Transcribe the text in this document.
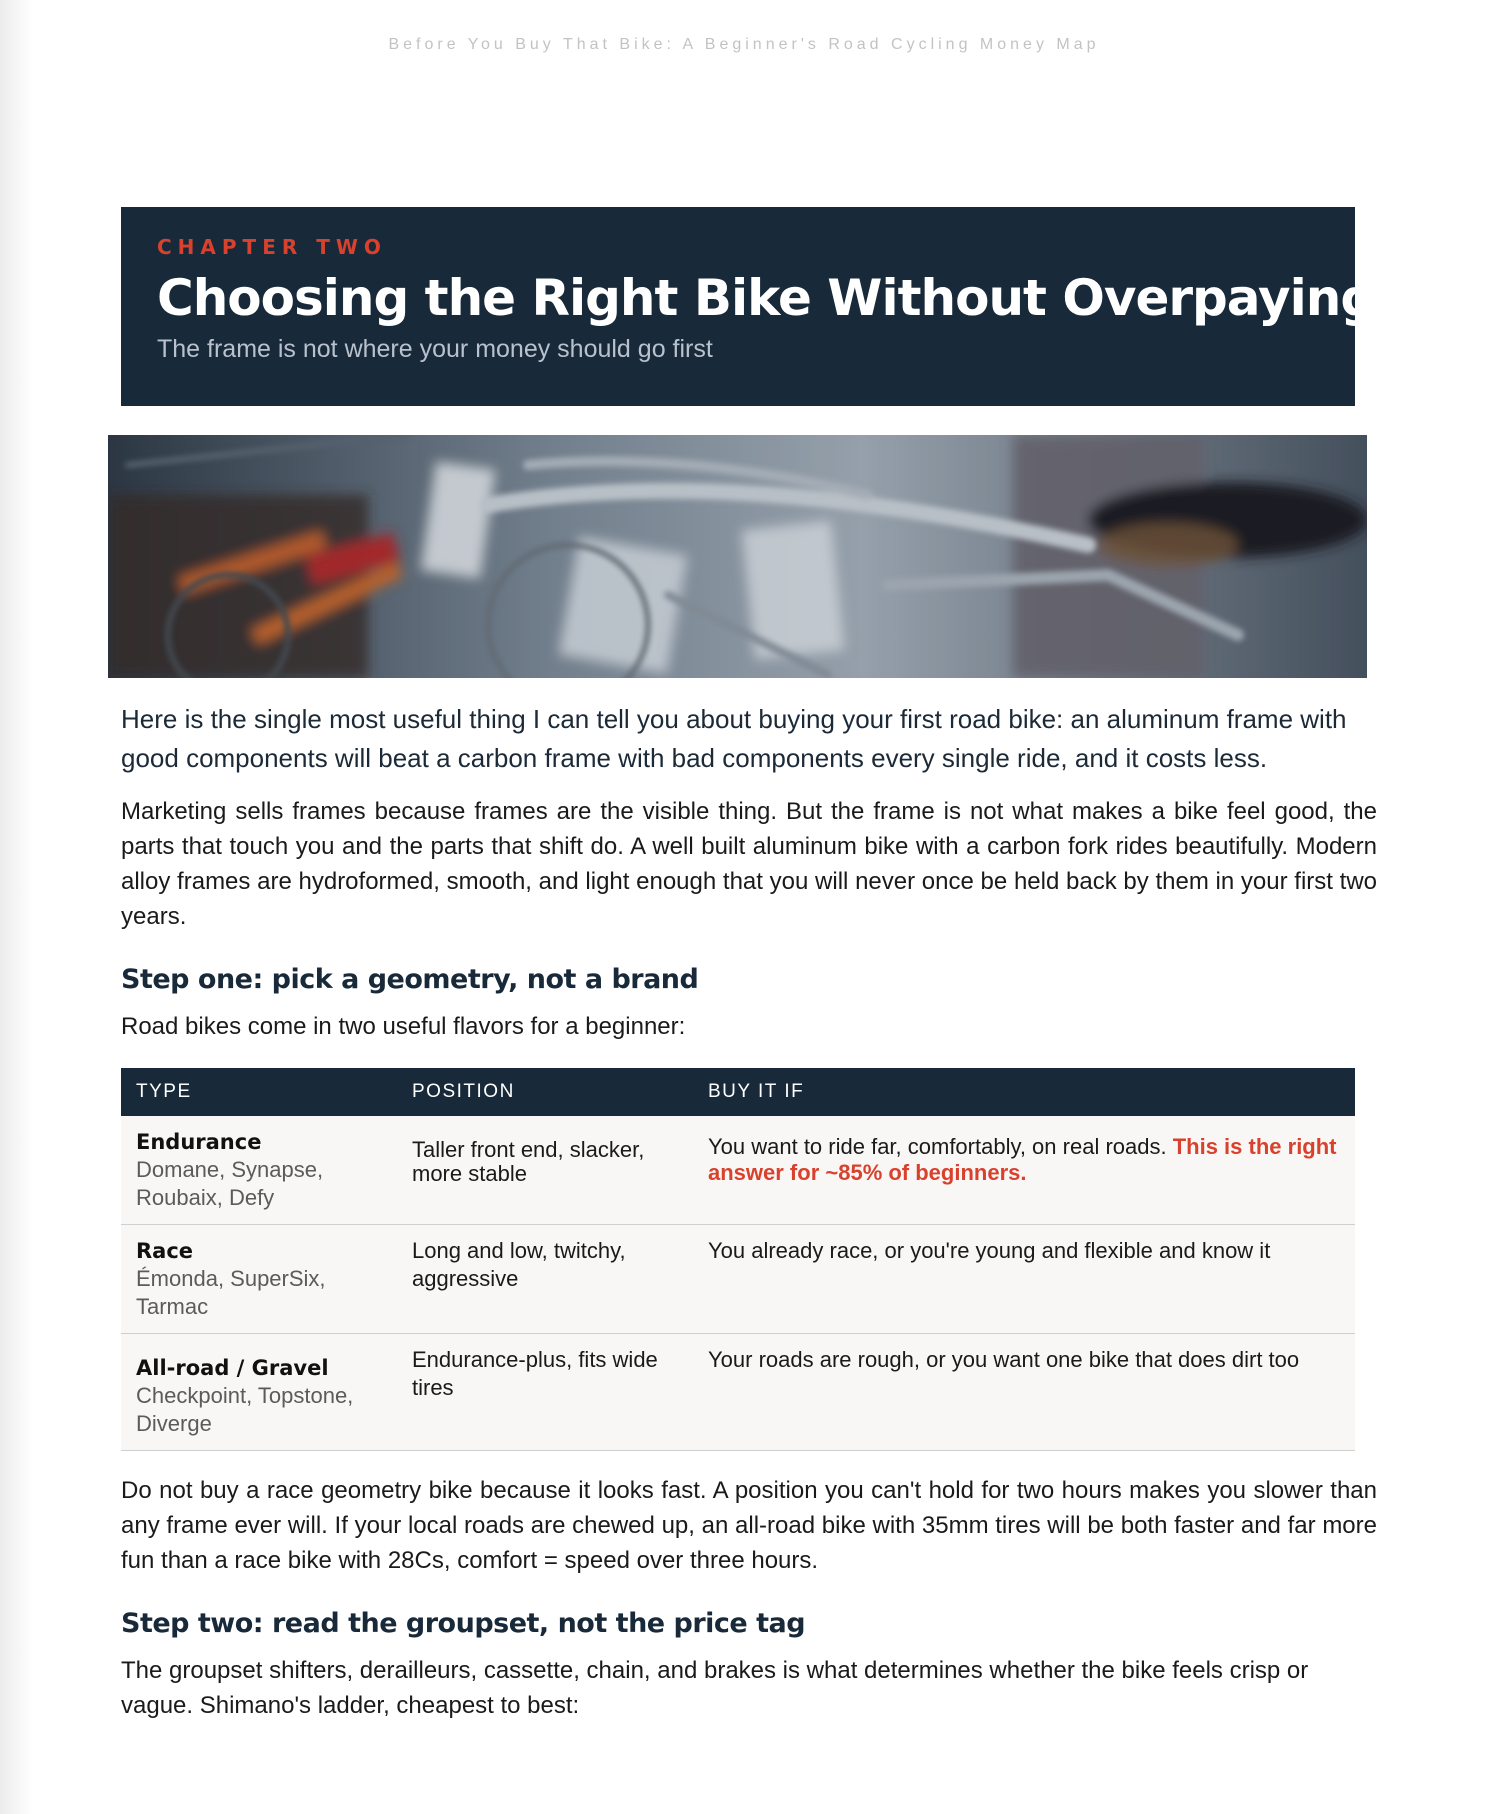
Before You Buy That Bike: A Beginner's Road Cycling Money Map
CHAPTER TWO
Choosing the Right Bike Without Overpaying
The frame is not where your money should go first

Here is the single most useful thing I can tell you about buying your first road bike: an aluminum frame with good components will beat a carbon frame with bad components every single ride, and it costs less.

Marketing sells frames because frames are the visible thing. But the frame is not what makes a bike feel good, the parts that touch you and the parts that shift do. A well built aluminum bike with a carbon fork rides beautifully. Modern alloy frames are hydroformed, smooth, and light enough that you will never once be held back by them in your first two years.

Step one: pick a geometry, not a brand

Road bikes come in two useful flavors for a beginner:

TYPE	POSITION	BUY IT IF

Endurance
Domane, Synapse, Roubaix, Defy	Taller front end, slacker, more stable	You want to ride far, comfortably, on real roads. This is the right answer for ~85% of beginners.

Race
Émonda, SuperSix, Tarmac	Long and low, twitchy, aggressive	You already race, or you're young and flexible and know it

All-road / Gravel
Checkpoint, Topstone, Diverge	Endurance-plus, fits wide tires	Your roads are rough, or you want one bike that does dirt too

Do not buy a race geometry bike because it looks fast. A position you can't hold for two hours makes you slower than any frame ever will. If your local roads are chewed up, an all-road bike with 35mm tires will be both faster and far more fun than a race bike with 28Cs, comfort = speed over three hours.

Step two: read the groupset, not the price tag

The groupset shifters, derailleurs, cassette, chain, and brakes is what determines whether the bike feels crisp or vague. Shimano's ladder, cheapest to best:
